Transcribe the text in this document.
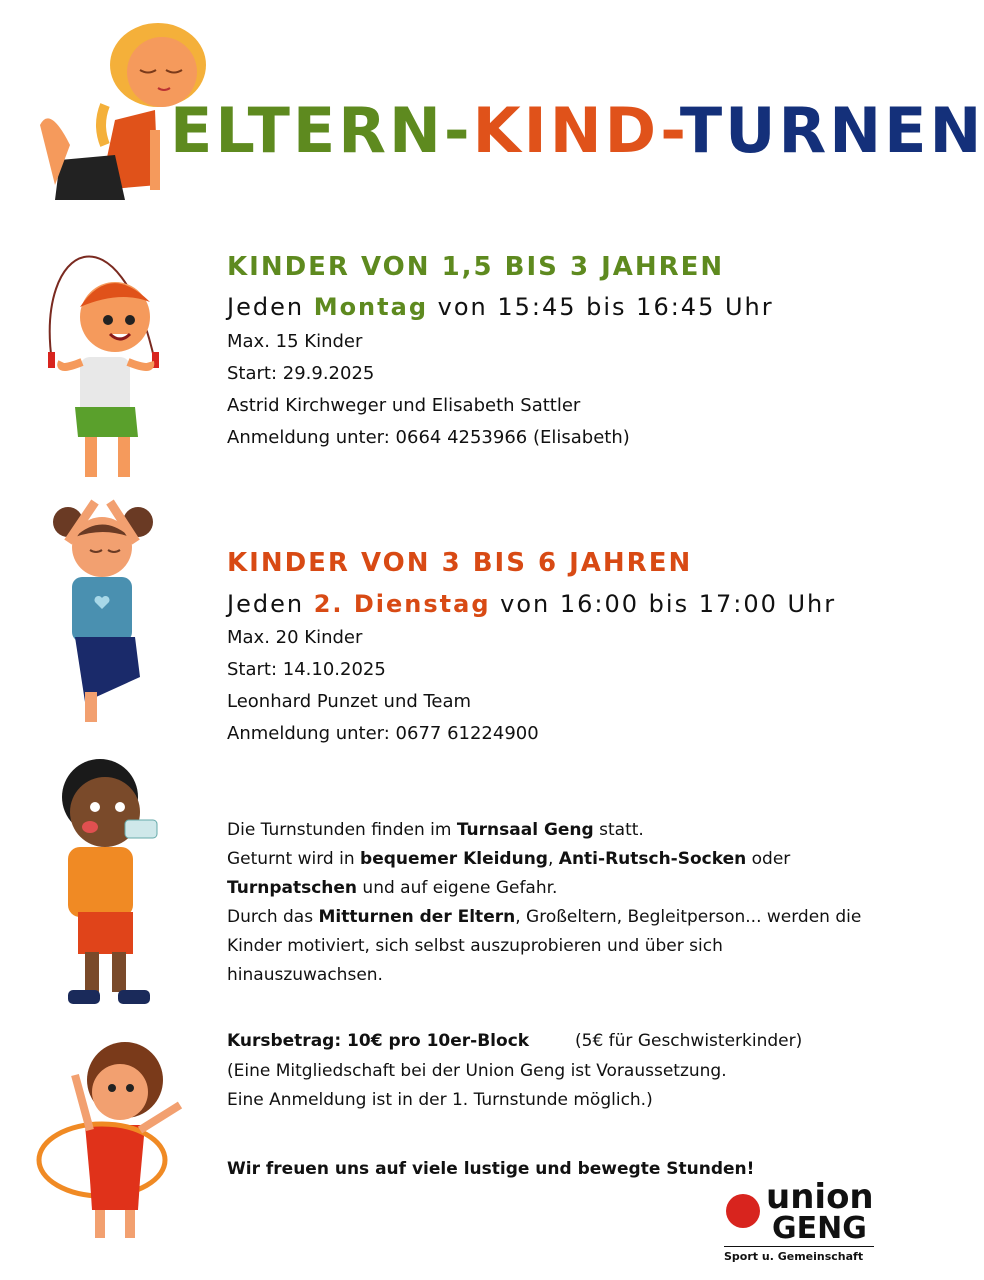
ELTERN-KIND-TURNEN
KINDER VON 1,5 BIS 3 JAHREN
Jeden Montag von 15:45 bis 16:45 Uhr
Max. 15 Kinder
Start: 29.9.2025
Astrid Kirchweger und Elisabeth Sattler
Anmeldung unter: 0664 4253966 (Elisabeth)
KINDER VON 3 BIS 6 JAHREN
Jeden 2. Dienstag von 16:00 bis 17:00 Uhr
Max. 20 Kinder
Start: 14.10.2025
Leonhard Punzet und Team
Anmeldung unter: 0677 61224900
Die Turnstunden finden im Turnsaal Geng statt.
Geturnt wird in bequemer Kleidung, Anti-Rutsch-Socken oder
Turnpatschen und auf eigene Gefahr.
Durch das Mitturnen der Eltern, Großeltern, Begleitperson... werden die
Kinder motiviert, sich selbst auszuprobieren und über sich
hinauszuwachsen.
Kursbetrag: 10€ pro 10er-Block	(5€ für Geschwisterkinder)
(Eine Mitgliedschaft bei der Union Geng ist Voraussetzung.
Eine Anmeldung ist in der 1. Turnstunde möglich.)
Wir freuen uns auf viele lustige und bewegte Stunden!
union
GENG
Sport u. Gemeinschaft
